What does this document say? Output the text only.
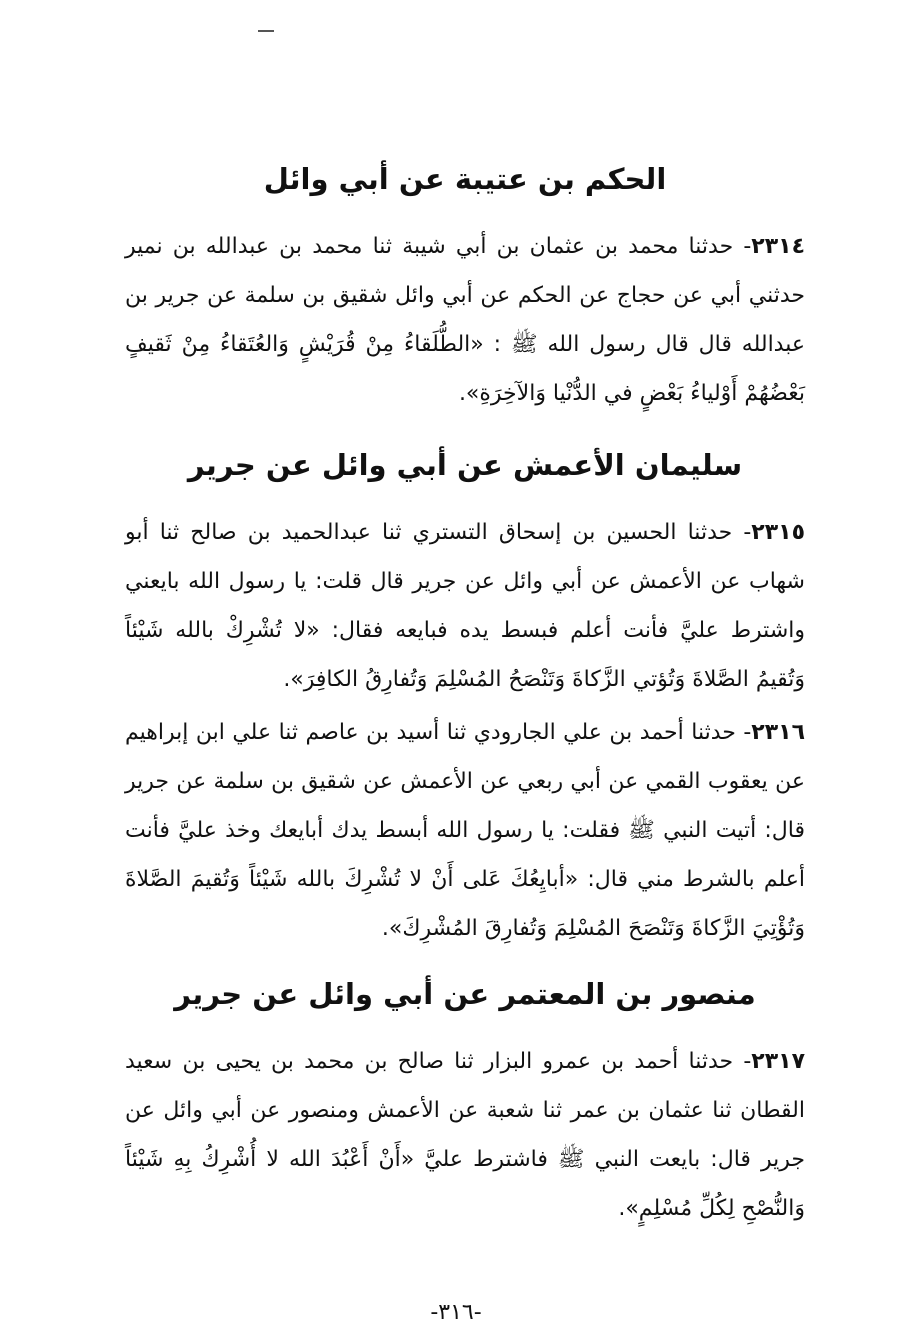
الحكم بن عتيبة عن أبي وائل

٢٣١٤- حدثنا محمد بن عثمان بن أبي شيبة ثنا محمد بن عبدالله بن نمير حدثني أبي عن حجاج عن الحكم عن أبي وائل شقيق بن سلمة عن جرير بن عبدالله قال قال رسول الله ﷺ : «الطُّلَقاءُ مِنْ قُرَيْشٍ وَالعُتَقاءُ مِنْ ثَقيفٍ بَعْضُهُمْ أَوْلياءُ بَعْضٍ في الدُّنْيا وَالآخِرَةِ».

سليمان الأعمش عن أبي وائل عن جرير

٢٣١٥- حدثنا الحسين بن إسحاق التستري ثنا عبدالحميد بن صالح ثنا أبو شهاب عن الأعمش عن أبي وائل عن جرير قال قلت: يا رسول الله بايعني واشترط عليَّ فأنت أعلم فبسط يده فبايعه فقال: «لا تُشْرِكْ بالله شَيْئاً وَتُقيمُ الصَّلاةَ وَتُؤتي الزَّكاةَ وَتَنْصَحُ المُسْلِمَ وَتُفارِقُ الكافِرَ».

٢٣١٦- حدثنا أحمد بن علي الجارودي ثنا أسيد بن عاصم ثنا علي ابن إبراهيم عن يعقوب القمي عن أبي ربعي عن الأعمش عن شقيق بن سلمة عن جرير قال: أتيت النبي ﷺ فقلت: يا رسول الله أبسط يدك أبايعك وخذ عليَّ فأنت أعلم بالشرط مني قال: «أبايِعُكَ عَلى أَنْ لا تُشْرِكَ بالله شَيْئاً وَتُقيمَ الصَّلاةَ وَتُؤْتِيَ الزَّكاةَ وَتَنْصَحَ المُسْلِمَ وَتُفارِقَ المُشْرِكَ».

منصور بن المعتمر عن أبي وائل عن جرير

٢٣١٧- حدثنا أحمد بن عمرو البزار ثنا صالح بن محمد بن يحيى بن سعيد القطان ثنا عثمان بن عمر ثنا شعبة عن الأعمش ومنصور عن أبي وائل عن جرير قال: بايعت النبي ﷺ فاشترط عليَّ «أَنْ أَعْبُدَ الله لا أُشْرِكُ بِهِ شَيْئاً وَالنُّصْحِ لِكُلِّ مُسْلِمٍ».

-٣١٦-
